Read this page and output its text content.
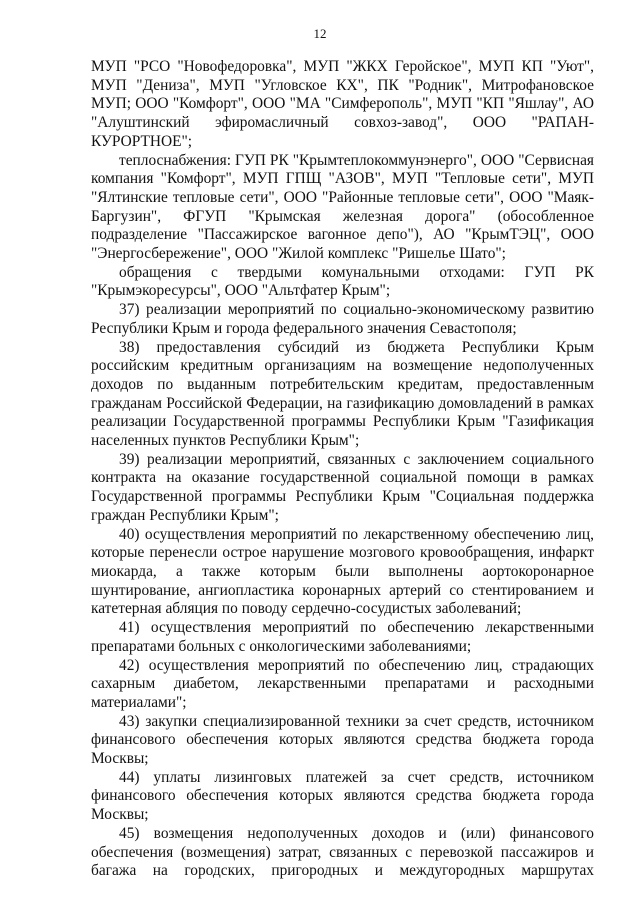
12

МУП "РСО "Новофедоровка", МУП "ЖКХ Геройское", МУП КП "Уют", МУП "Дениза", МУП "Угловское КХ", ПК "Родник", Митрофановское МУП; ООО "Комфорт", ООО "МА "Симферополь", МУП "КП "Яшлау", АО "Алуштинский эфиромасличный совхоз-завод", ООО "РАПАН-КУРОРТНОЕ";

теплоснабжения: ГУП РК "Крымтеплокоммунэнерго", ООО "Сервисная компания "Комфорт", МУП ГПЩ "АЗОВ", МУП "Тепловые сети", МУП "Ялтинские тепловые сети", ООО "Районные тепловые сети", ООО "Маяк-Баргузин", ФГУП "Крымская железная дорога" (обособленное подразделение "Пассажирское вагонное депо"), АО "КрымТЭЦ", ООО "Энергосбережение", ООО "Жилой комплекс "Ришелье Шато";

обращения с твердыми комунальными отходами: ГУП РК "Крымэкоресурсы", ООО "Альтфатер Крым";

37) реализации мероприятий по социально-экономическому развитию Республики Крым и города федерального значения Севастополя;

38) предоставления субсидий из бюджета Республики Крым российским кредитным организациям на возмещение недополученных доходов по выданным потребительским кредитам, предоставленным гражданам Российской Федерации, на газификацию домовладений в рамках реализации Государственной программы Республики Крым "Газификация населенных пунктов Республики Крым";

39) реализации мероприятий, связанных с заключением социального контракта на оказание государственной социальной помощи в рамках Государственной программы Республики Крым "Социальная поддержка граждан Республики Крым";

40) осуществления мероприятий по лекарственному обеспечению лиц, которые перенесли острое нарушение мозгового кровообращения, инфаркт миокарда, а также которым были выполнены аортокоронарное шунтирование, ангиопластика коронарных артерий со стентированием и катетерная абляция по поводу сердечно-сосудистых заболеваний;

41) осуществления мероприятий по обеспечению лекарственными препаратами больных с онкологическими заболеваниями;

42) осуществления мероприятий по обеспечению лиц, страдающих сахарным диабетом, лекарственными препаратами и расходными материалами";

43) закупки специализированной техники за счет средств, источником финансового обеспечения которых являются средства бюджета города Москвы;

44) уплаты лизинговых платежей за счет средств, источником финансового обеспечения которых являются средства бюджета города Москвы;

45) возмещения недополученных доходов и (или) финансового обеспечения (возмещения) затрат, связанных с перевозкой пассажиров и багажа на городских, пригородных и междугородных маршрутах
